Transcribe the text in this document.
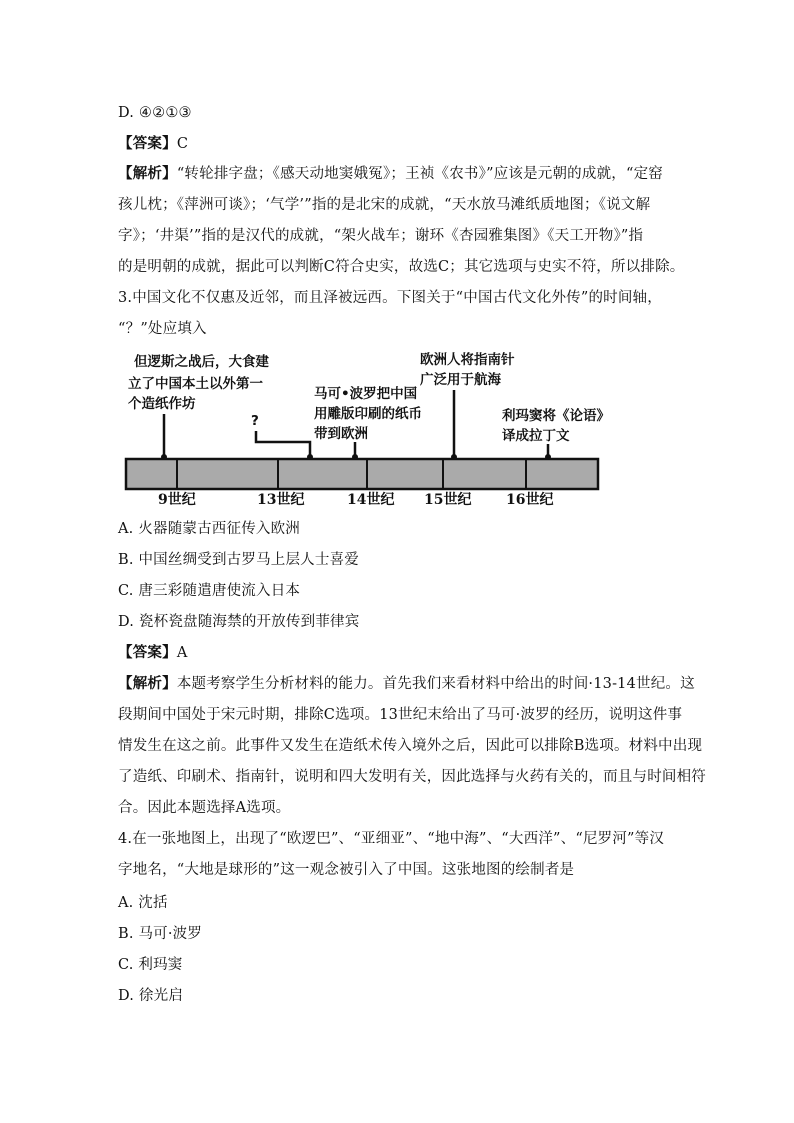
D. ④②①③
【答案】C
【解析】“转轮排字盘；《感天动地窦娥冤》；王祯《农书》”应该是元朝的成就，“定窑
孩儿枕；《萍洲可谈》；‘气学’”指的是北宋的成就，“天水放马滩纸质地图；《说文解
字》；‘井渠’”指的是汉代的成就，“架火战车；谢环《杏园雅集图》《天工开物》”指
的是明朝的成就，据此可以判断C符合史实，故选C；其它选项与史实不符，所以排除。
3.中国文化不仅惠及近邻，而且泽被远西。下图关于“中国古代文化外传”的时间轴，
“？”处应填入
但逻斯之战后，大食建
立了中国本土以外第一
个造纸作坊
?
马可•波罗把中国
用雕版印刷的纸币
带到欧洲
欧洲人将指南针
广泛用于航海
利玛窦将《论语》
译成拉丁文
9世纪	13世纪	14世纪 15世纪 16世纪
A. 火器随蒙古西征传入欧洲
B. 中国丝绸受到古罗马上层人士喜爱
C. 唐三彩随遣唐使流入日本
D. 瓷杯瓷盘随海禁的开放传到菲律宾
【答案】A
【解析】本题考察学生分析材料的能力。首先我们来看材料中给出的时间·13-14世纪。这
段期间中国处于宋元时期，排除C选项。13世纪末给出了马可·波罗的经历，说明这件事
情发生在这之前。此事件又发生在造纸术传入境外之后，因此可以排除B选项。材料中出现
了造纸、印刷术、指南针，说明和四大发明有关，因此选择与火药有关的，而且与时间相符
合。因此本题选择A选项。
4.在一张地图上，出现了“欧逻巴”、“亚细亚”、“地中海”、“大西洋”、“尼罗河”等汉
字地名，“大地是球形的”这一观念被引入了中国。这张地图的绘制者是
A. 沈括
B. 马可·波罗
C. 利玛窦
D. 徐光启
